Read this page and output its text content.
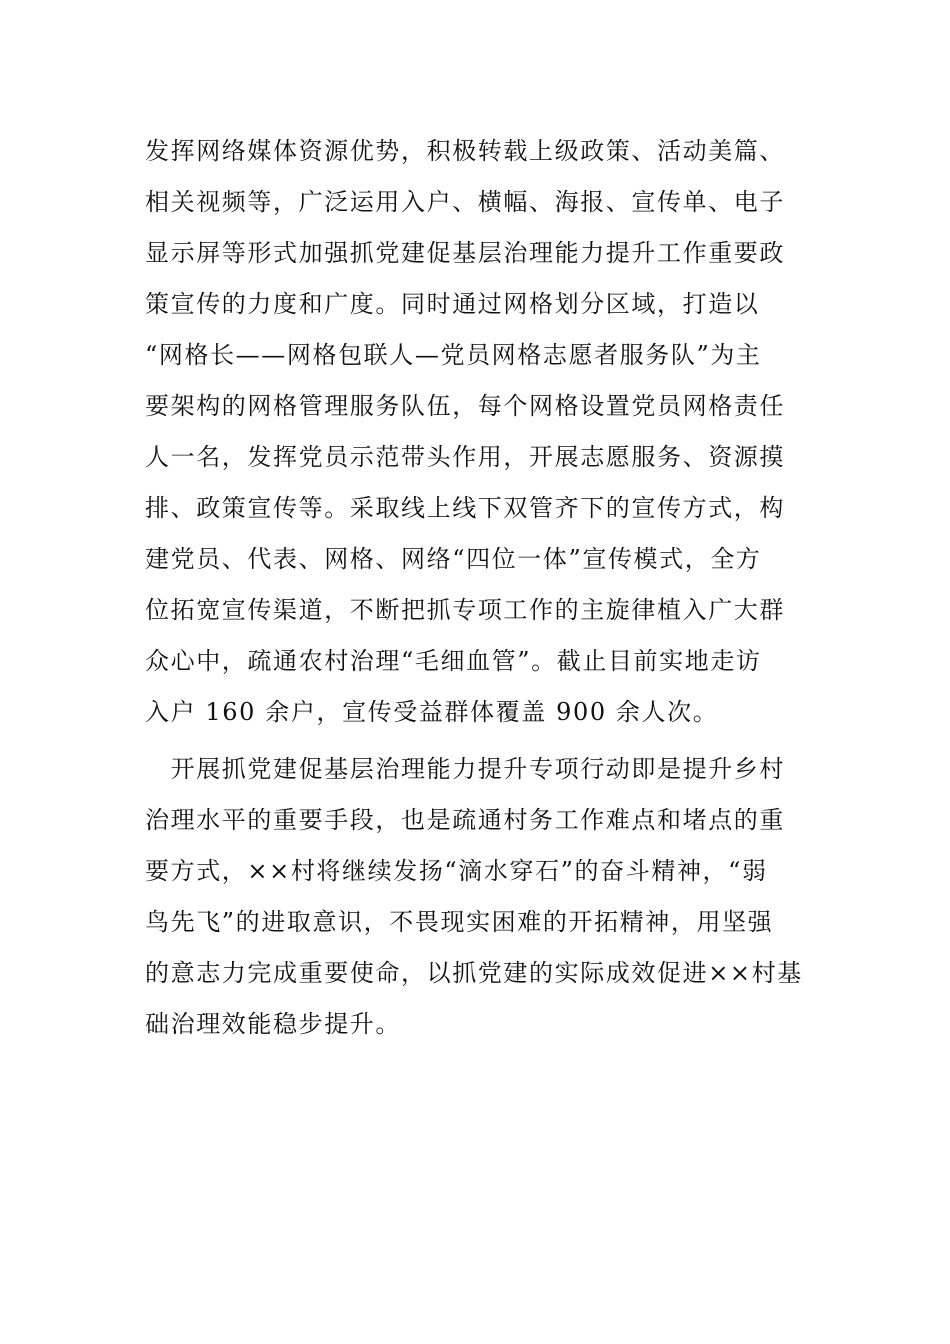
发挥网络媒体资源优势，积极转载上级政策、活动美篇、
相关视频等，广泛运用入户、横幅、海报、宣传单、电子
显示屏等形式加强抓党建促基层治理能力提升工作重要政
策宣传的力度和广度。同时通过网格划分区域，打造以
“网格长——网格包联人—党员网格志愿者服务队”为主
要架构的网格管理服务队伍，每个网格设置党员网格责任
人一名，发挥党员示范带头作用，开展志愿服务、资源摸
排、政策宣传等。采取线上线下双管齐下的宣传方式，构
建党员、代表、网格、网络“四位一体”宣传模式，全方
位拓宽宣传渠道，不断把抓专项工作的主旋律植入广大群
众心中，疏通农村治理“毛细血管”。截止目前实地走访
入户 160 余户，宣传受益群体覆盖 900 余人次。
　开展抓党建促基层治理能力提升专项行动即是提升乡村
治理水平的重要手段，也是疏通村务工作难点和堵点的重
要方式，××村将继续发扬“滴水穿石”的奋斗精神，“弱
鸟先飞”的进取意识，不畏现实困难的开拓精神，用坚强
的意志力完成重要使命，以抓党建的实际成效促进××村基
础治理效能稳步提升。
